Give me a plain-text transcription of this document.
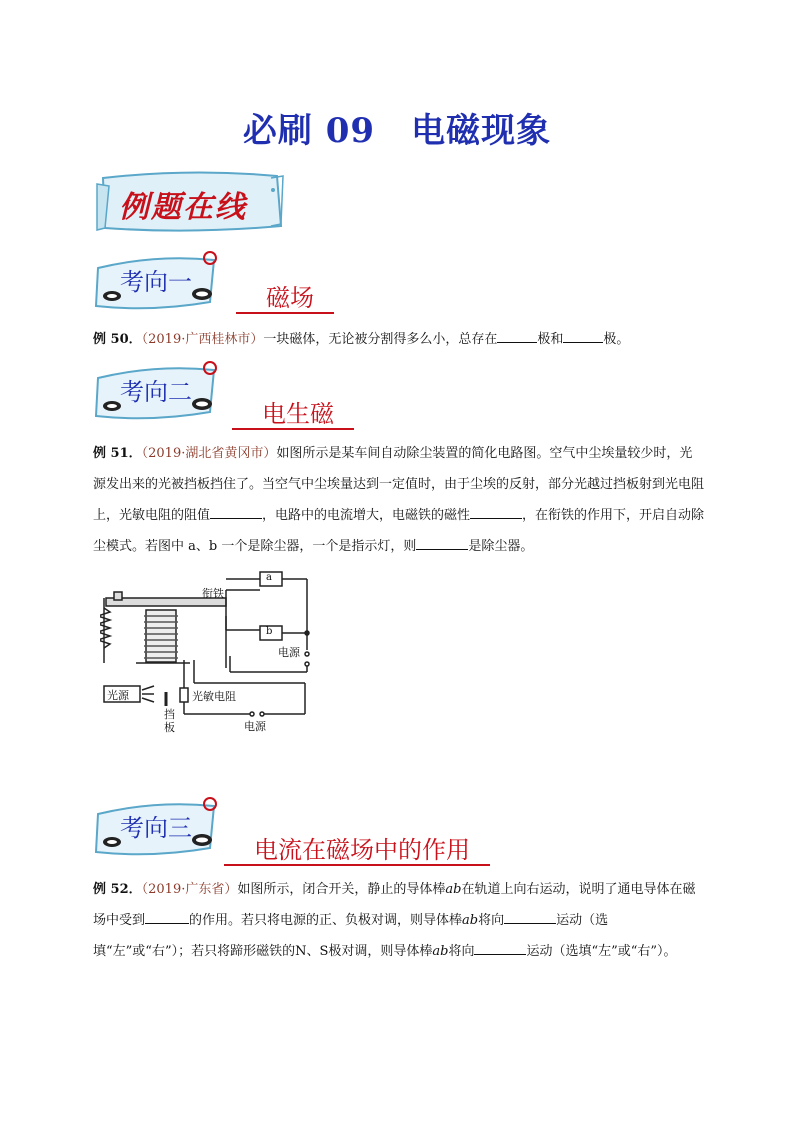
必刷 09 电磁现象
例题在线
考向一
磁场
例 50．（2019·广西桂林市）一块磁体，无论被分割得多么小，总存在	极和	极。
考向二
电生磁
例 51．（2019·湖北省黄冈市）如图所示是某车间自动除尘装置的简化电路图。空气中尘埃量较少时，光源发出来的光被挡板挡住了。当空气中尘埃量达到一定值时，由于尘埃的反射，部分光越过挡板射到光电阻上，光敏电阻的阻值	，电路中的电流增大，电磁铁的磁性	，在衔铁的作用下，开启自动除尘模式。若图中 a、b 一个是除尘器，一个是指示灯，则	是除尘器。
衔铁
a
b
电源
光源	光敏电阻
挡板	电源
考向三
电流在磁场中的作用
例 52．（2019·广东省）如图所示，闭合开关，静止的导体棒ab在轨道上向右运动，说明了通电导体在磁场中受到	的作用。若只将电源的正、负极对调，则导体棒ab将向	运动（选填“左”或“右”）；若只将蹄形磁铁的N、S极对调，则导体棒ab将向	运动（选填“左”或“右”）。
